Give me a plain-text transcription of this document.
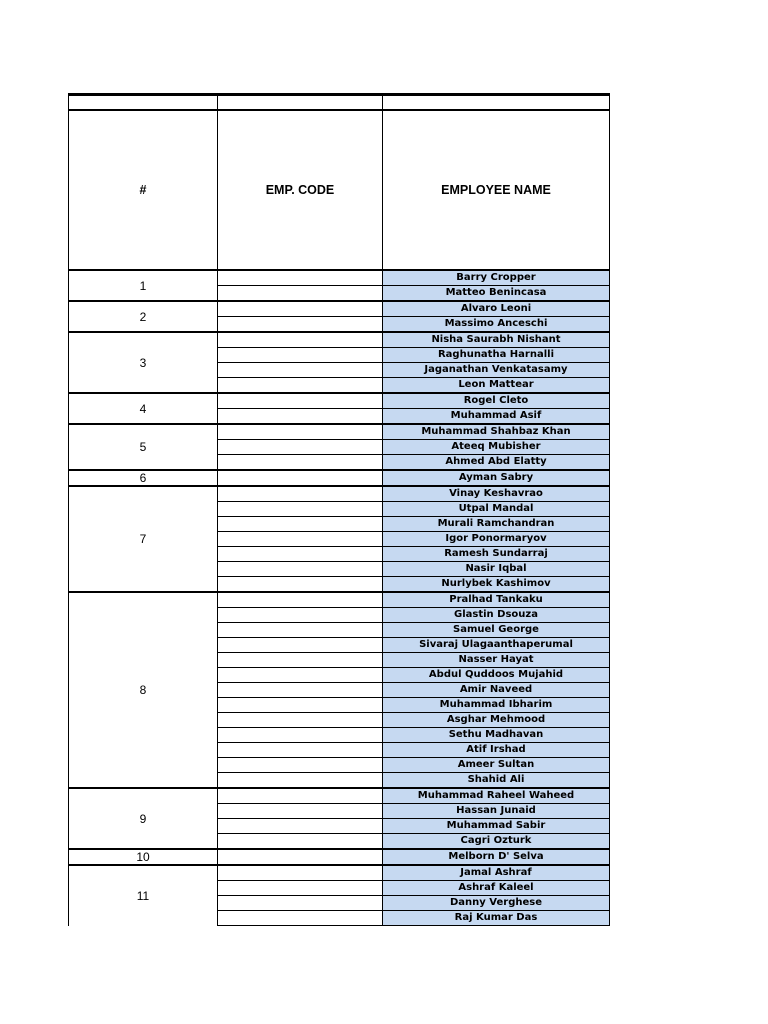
#	EMP. CODE	EMPLOYEE NAME
1		Barry Cropper
		Matteo Benincasa
2		Alvaro Leoni
		Massimo Anceschi
3		Nisha Saurabh Nishant
		Raghunatha Harnalli
		Jaganathan Venkatasamy
		Leon Mattear
4		Rogel Cleto
		Muhammad Asif
5		Muhammad Shahbaz Khan
		Ateeq Mubisher
		Ahmed Abd Elatty
6		Ayman Sabry
7		Vinay Keshavrao
		Utpal Mandal
		Murali Ramchandran
		Igor Ponormaryov
		Ramesh Sundarraj
		Nasir Iqbal
		Nurlybek Kashimov
8		Pralhad Tankaku
		Glastin Dsouza
		Samuel George
		Sivaraj Ulagaanthaperumal
		Nasser Hayat
		Abdul Quddoos Mujahid
		Amir Naveed
		Muhammad Ibharim
		Asghar Mehmood
		Sethu Madhavan
		Atif Irshad
		Ameer Sultan
		Shahid Ali
9		Muhammad Raheel Waheed
		Hassan Junaid
		Muhammad Sabir
		Cagri Ozturk
10		Melborn D' Selva
11		Jamal Ashraf
		Ashraf Kaleel
		Danny Verghese
		Raj Kumar Das
